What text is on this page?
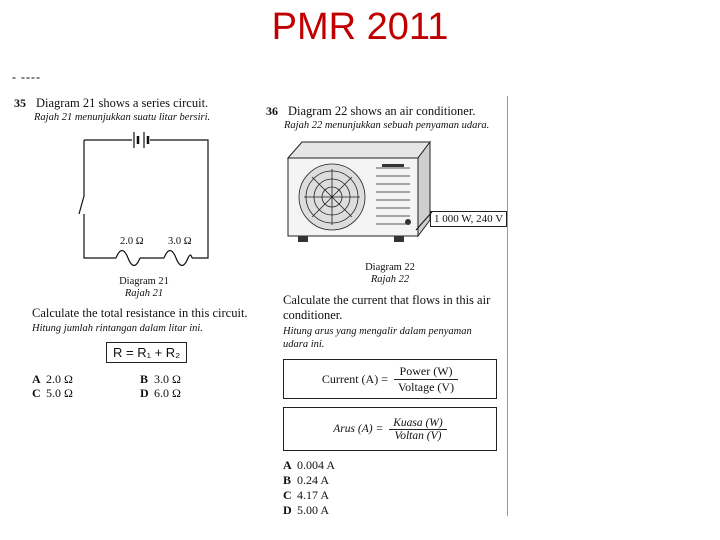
PMR 2011
- ----
35 Diagram 21 shows a series circuit.
Rajah 21 menunjukkan suatu litar bersiri.
2.0 Ω 3.0 Ω
Diagram 21
Rajah 21
Calculate the total resistance in this circuit.
Hitung jumlah rintangan dalam litar ini.
R = R₁ + R₂
A 2.0 Ω	B 3.0 Ω
C 5.0 Ω	D 6.0 Ω
36 Diagram 22 shows an air conditioner.
Rajah 22 menunjukkan sebuah penyaman udara.
1 000 W, 240 V
Diagram 22
Rajah 22
Calculate the current that flows in this air
conditioner.
Hitung arus yang mengalir dalam penyaman
udara ini.
Current $(A) = \frac{\text{Power (W)}}{\text{Voltage (V)}}$
Arus $(A) = \frac{\text{Kuasa (W)}}{\text{Voltan (V)}}$
A 0.004 A
B 0.24 A
C 4.17 A
D 5.00 A
